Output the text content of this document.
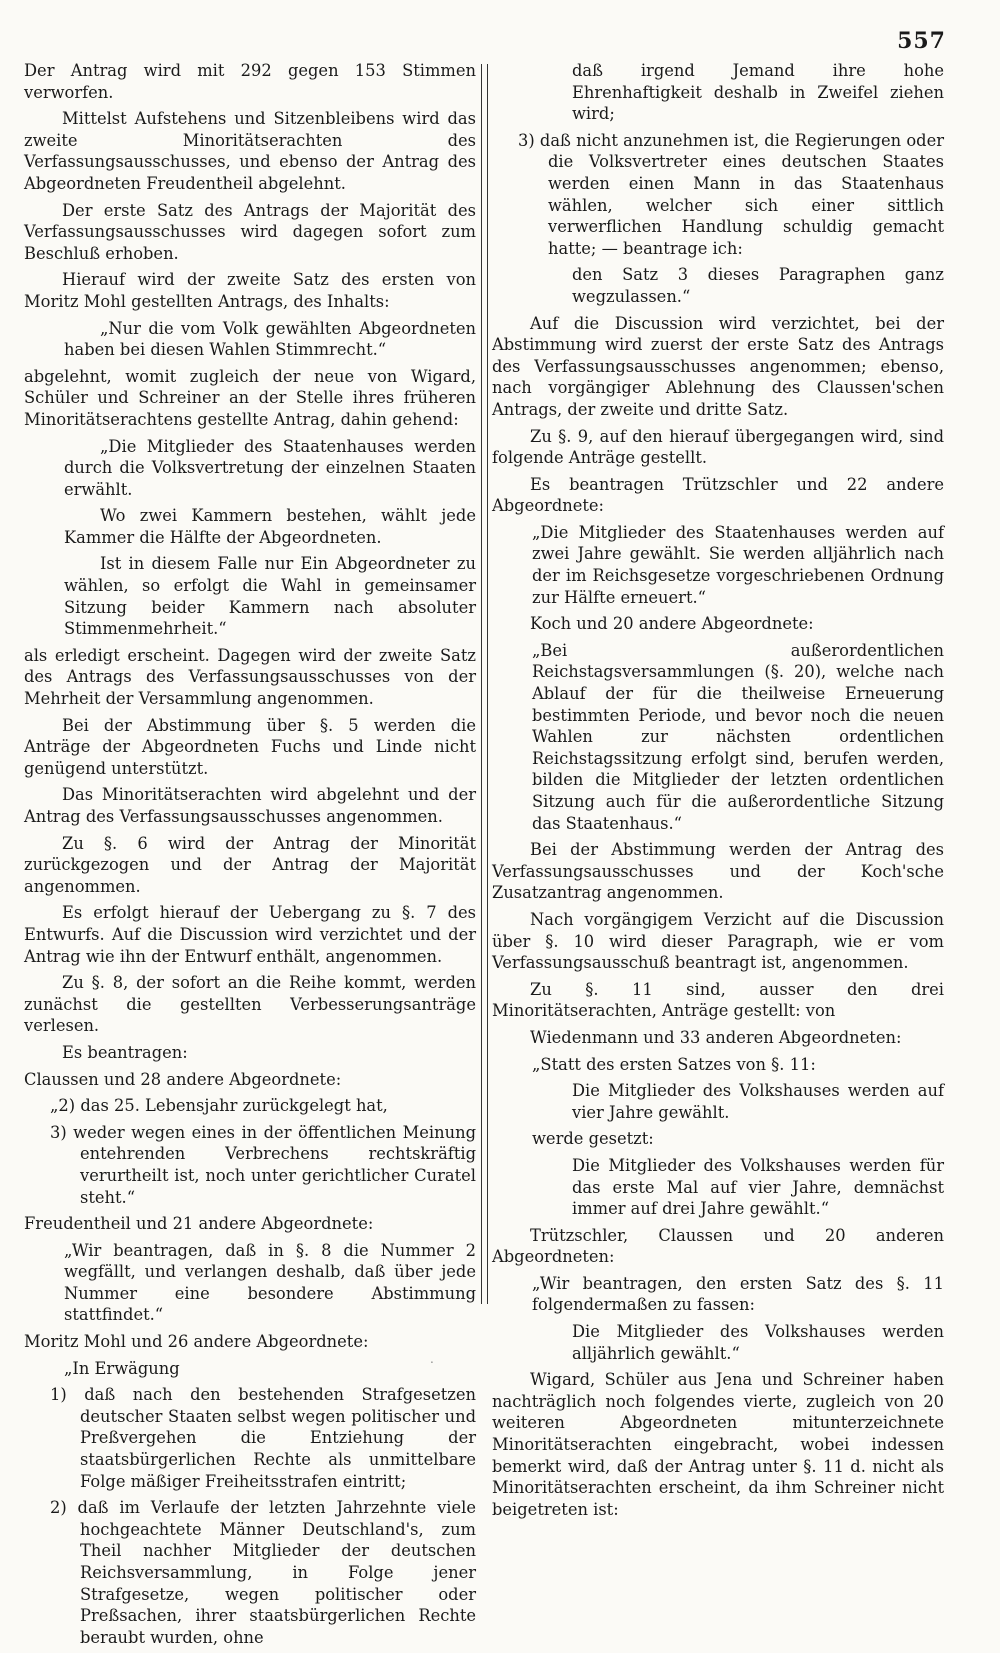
557

Der Antrag wird mit 292 gegen 153 Stimmen verworfen.

Mittelst Aufstehens und Sitzenbleibens wird das zweite Minoritätserachten des Verfassungsausschusses, und ebenso der Antrag des Abgeordneten Freudentheil abgelehnt.

Der erste Satz des Antrags der Majorität des Verfassungsausschusses wird dagegen sofort zum Beschluß erhoben.

Hierauf wird der zweite Satz des ersten von Moritz Mohl gestellten Antrags, des Inhalts:

„Nur die vom Volk gewählten Abgeordneten haben bei diesen Wahlen Stimmrecht.“

abgelehnt, womit zugleich der neue von Wigard, Schüler und Schreiner an der Stelle ihres früheren Minoritätserachtens gestellte Antrag, dahin gehend:

„Die Mitglieder des Staatenhauses werden durch die Volksvertretung der einzelnen Staaten erwählt.

Wo zwei Kammern bestehen, wählt jede Kammer die Hälfte der Abgeordneten.

Ist in diesem Falle nur Ein Abgeordneter zu wählen, so erfolgt die Wahl in gemeinsamer Sitzung beider Kammern nach absoluter Stimmenmehrheit.“

als erledigt erscheint. Dagegen wird der zweite Satz des Antrags des Verfassungsausschusses von der Mehrheit der Versammlung angenommen.

Bei der Abstimmung über §. 5 werden die Anträge der Abgeordneten Fuchs und Linde nicht genügend unterstützt.

Das Minoritätserachten wird abgelehnt und der Antrag des Verfassungsausschusses angenommen.

Zu §. 6 wird der Antrag der Minorität zurückgezogen und der Antrag der Majorität angenommen.

Es erfolgt hierauf der Uebergang zu §. 7 des Entwurfs. Auf die Discussion wird verzichtet und der Antrag wie ihn der Entwurf enthält, angenommen.

Zu §. 8, der sofort an die Reihe kommt, werden zunächst die gestellten Verbesserungsanträge verlesen.

Es beantragen:

Claussen und 28 andere Abgeordnete:

„2) das 25. Lebensjahr zurückgelegt hat,

3) weder wegen eines in der öffentlichen Meinung entehrenden Verbrechens rechtskräftig verurtheilt ist, noch unter gerichtlicher Curatel steht.“

Freudentheil und 21 andere Abgeordnete:

„Wir beantragen, daß in §. 8 die Nummer 2 wegfällt, und verlangen deshalb, daß über jede Nummer eine besondere Abstimmung stattfindet.“

Moritz Mohl und 26 andere Abgeordnete:

„In Erwägung

1) daß nach den bestehenden Strafgesetzen deutscher Staaten selbst wegen politischer und Preßvergehen die Entziehung der staatsbürgerlichen Rechte als unmittelbare Folge mäßiger Freiheitsstrafen eintritt;

2) daß im Verlaufe der letzten Jahrzehnte viele hochgeachtete Männer Deutschland's, zum Theil nachher Mitglieder der deutschen Reichsversammlung, in Folge jener Strafgesetze, wegen politischer oder Preßsachen, ihrer staatsbürgerlichen Rechte beraubt wurden, ohne

daß irgend Jemand ihre hohe Ehrenhaftigkeit deshalb in Zweifel ziehen wird;

3) daß nicht anzunehmen ist, die Regierungen oder die Volksvertreter eines deutschen Staates werden einen Mann in das Staatenhaus wählen, welcher sich einer sittlich verwerflichen Handlung schuldig gemacht hatte; — beantrage ich:

den Satz 3 dieses Paragraphen ganz wegzulassen.“

Auf die Discussion wird verzichtet, bei der Abstimmung wird zuerst der erste Satz des Antrags des Verfassungsausschusses angenommen; ebenso, nach vorgängiger Ablehnung des Claussen'schen Antrags, der zweite und dritte Satz.

Zu §. 9, auf den hierauf übergegangen wird, sind folgende Anträge gestellt.

Es beantragen Trützschler und 22 andere Abgeordnete:

„Die Mitglieder des Staatenhauses werden auf zwei Jahre gewählt. Sie werden alljährlich nach der im Reichsgesetze vorgeschriebenen Ordnung zur Hälfte erneuert.“

Koch und 20 andere Abgeordnete:

„Bei außerordentlichen Reichstagsversammlungen (§. 20), welche nach Ablauf der für die theilweise Erneuerung bestimmten Periode, und bevor noch die neuen Wahlen zur nächsten ordentlichen Reichstagssitzung erfolgt sind, berufen werden, bilden die Mitglieder der letzten ordentlichen Sitzung auch für die außerordentliche Sitzung das Staatenhaus.“

Bei der Abstimmung werden der Antrag des Verfassungsausschusses und der Koch'sche Zusatzantrag angenommen.

Nach vorgängigem Verzicht auf die Discussion über §. 10 wird dieser Paragraph, wie er vom Verfassungsausschuß beantragt ist, angenommen.

Zu §. 11 sind, ausser den drei Minoritätserachten, Anträge gestellt: von

Wiedenmann und 33 anderen Abgeordneten:

„Statt des ersten Satzes von §. 11:

Die Mitglieder des Volkshauses werden auf vier Jahre gewählt.

werde gesetzt:

Die Mitglieder des Volkshauses werden für das erste Mal auf vier Jahre, demnächst immer auf drei Jahre gewählt.“

Trützschler, Claussen und 20 anderen Abgeordneten:

„Wir beantragen, den ersten Satz des §. 11 folgendermaßen zu fassen:

Die Mitglieder des Volkshauses werden alljährlich gewählt.“

Wigard, Schüler aus Jena und Schreiner haben nachträglich noch folgendes vierte, zugleich von 20 weiteren Abgeordneten mitunterzeichnete Minoritätserachten eingebracht, wobei indessen bemerkt wird, daß der Antrag unter §. 11 d. nicht als Minoritätserachten erscheint, da ihm Schreiner nicht beigetreten ist:

.
